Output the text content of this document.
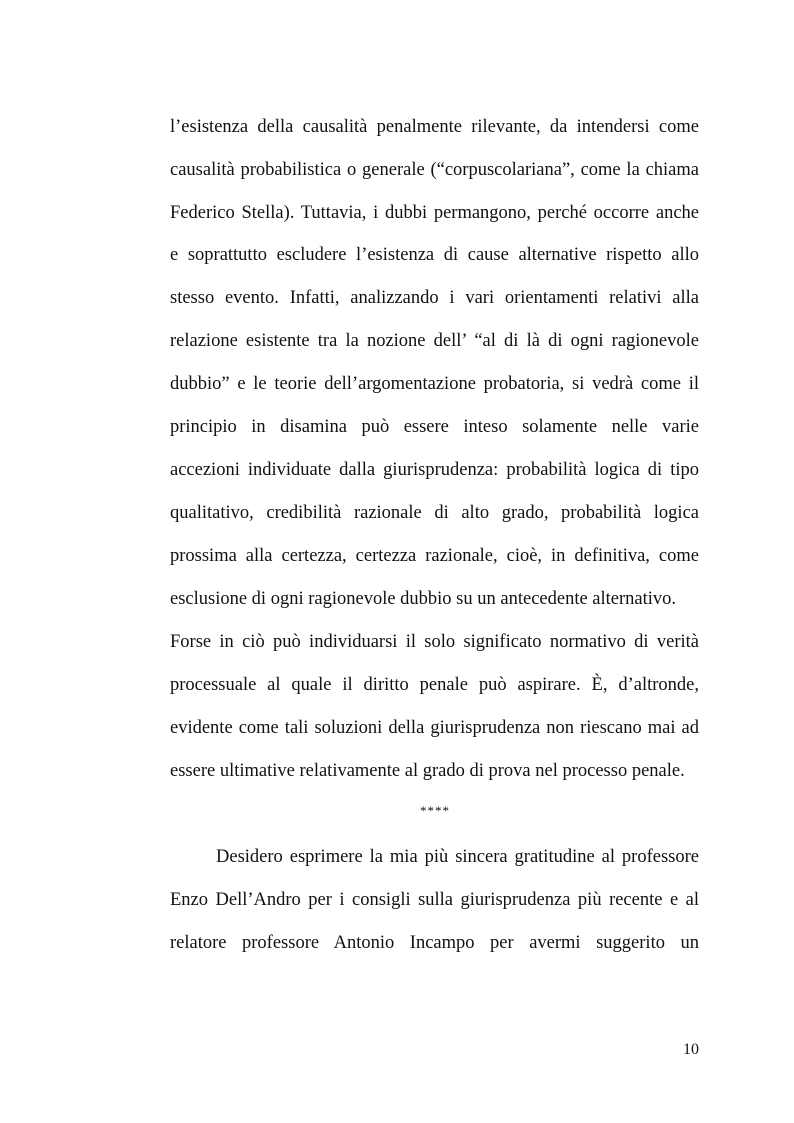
l’esistenza della causalità penalmente rilevante, da intendersi come
causalità probabilistica o generale (“corpuscolariana”, come la chiama
Federico Stella). Tuttavia, i dubbi permangono, perché occorre anche
e soprattutto escludere l’esistenza di cause alternative rispetto allo
stesso evento. Infatti, analizzando i vari orientamenti relativi alla
relazione esistente tra la nozione dell’ “al di là di ogni ragionevole
dubbio” e le teorie dell’argomentazione probatoria, si vedrà come il
principio in disamina può essere inteso solamente nelle varie
accezioni individuate dalla giurisprudenza: probabilità logica di tipo
qualitativo, credibilità razionale di alto grado, probabilità logica
prossima alla certezza, certezza razionale, cioè, in definitiva, come
esclusione di ogni ragionevole dubbio su un antecedente alternativo.
Forse in ciò può individuarsi il solo significato normativo di verità
processuale al quale il diritto penale può aspirare. È, d’altronde,
evidente come tali soluzioni della giurisprudenza non riescano mai ad
essere ultimative relativamente al grado di prova nel processo penale.
****
Desidero esprimere la mia più sincera gratitudine al professore
Enzo Dell’Andro per i consigli sulla giurisprudenza più recente e al
relatore professore Antonio Incampo per avermi suggerito un
10
